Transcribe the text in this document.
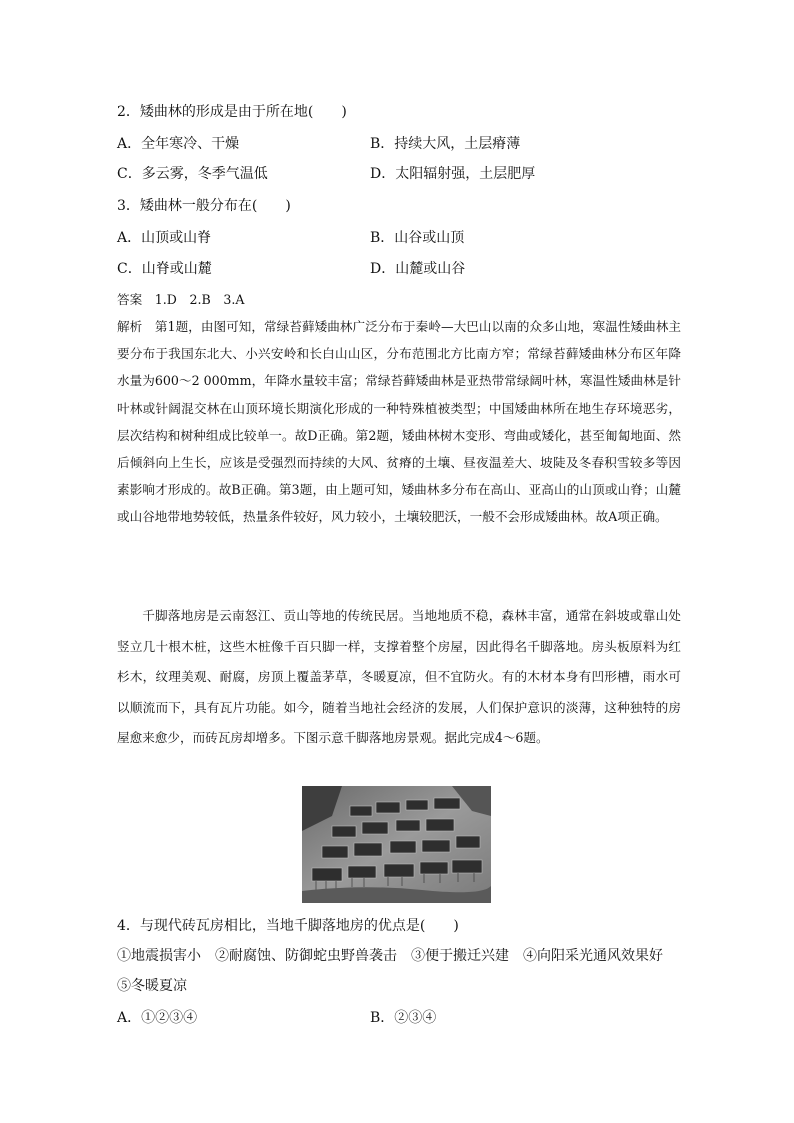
2．矮曲林的形成是由于所在地(　　)
A．全年寒冷、干燥	B．持续大风，土层瘠薄
C．多云雾，冬季气温低	D．太阳辐射强，土层肥厚
3．矮曲林一般分布在(　　)
A．山顶或山脊	B．山谷或山顶
C．山脊或山麓	D．山麓或山谷
答案　1.D　2.B　3.A
解析　第1题，由图可知，常绿苔藓矮曲林广泛分布于秦岭—大巴山以南的众多山地，寒温性矮曲林主要分布于我国东北大、小兴安岭和长白山山区，分布范围北方比南方窄；常绿苔藓矮曲林分布区年降水量为600～2 000mm，年降水量较丰富；常绿苔藓矮曲林是亚热带常绿阔叶林，寒温性矮曲林是针叶林或针阔混交林在山顶环境长期演化形成的一种特殊植被类型；中国矮曲林所在地生存环境恶劣，层次结构和树种组成比较单一。故D正确。第2题，矮曲林树木变形、弯曲或矮化，甚至匍匐地面、然后倾斜向上生长，应该是受强烈而持续的大风、贫瘠的土壤、昼夜温差大、坡陡及冬春积雪较多等因素影响才形成的。故B正确。第3题，由上题可知，矮曲林多分布在高山、亚高山的山顶或山脊；山麓或山谷地带地势较低，热量条件较好，风力较小，土壤较肥沃，一般不会形成矮曲林。故A项正确。
千脚落地房是云南怒江、贡山等地的传统民居。当地地质不稳，森林丰富，通常在斜坡或靠山处竖立几十根木桩，这些木桩像千百只脚一样，支撑着整个房屋，因此得名千脚落地。房头板原料为红杉木，纹理美观、耐腐，房顶上覆盖茅草，冬暖夏凉，但不宜防火。有的木材本身有凹形槽，雨水可以顺流而下，具有瓦片功能。如今，随着当地社会经济的发展，人们保护意识的淡薄，这种独特的房屋愈来愈少，而砖瓦房却增多。下图示意千脚落地房景观。据此完成4～6题。
4．与现代砖瓦房相比，当地千脚落地房的优点是(　　)
①地震损害小　②耐腐蚀、防御蛇虫野兽袭击　③便于搬迁兴建　④向阳采光通风效果好
⑤冬暖夏凉
A．①②③④	B．②③④
